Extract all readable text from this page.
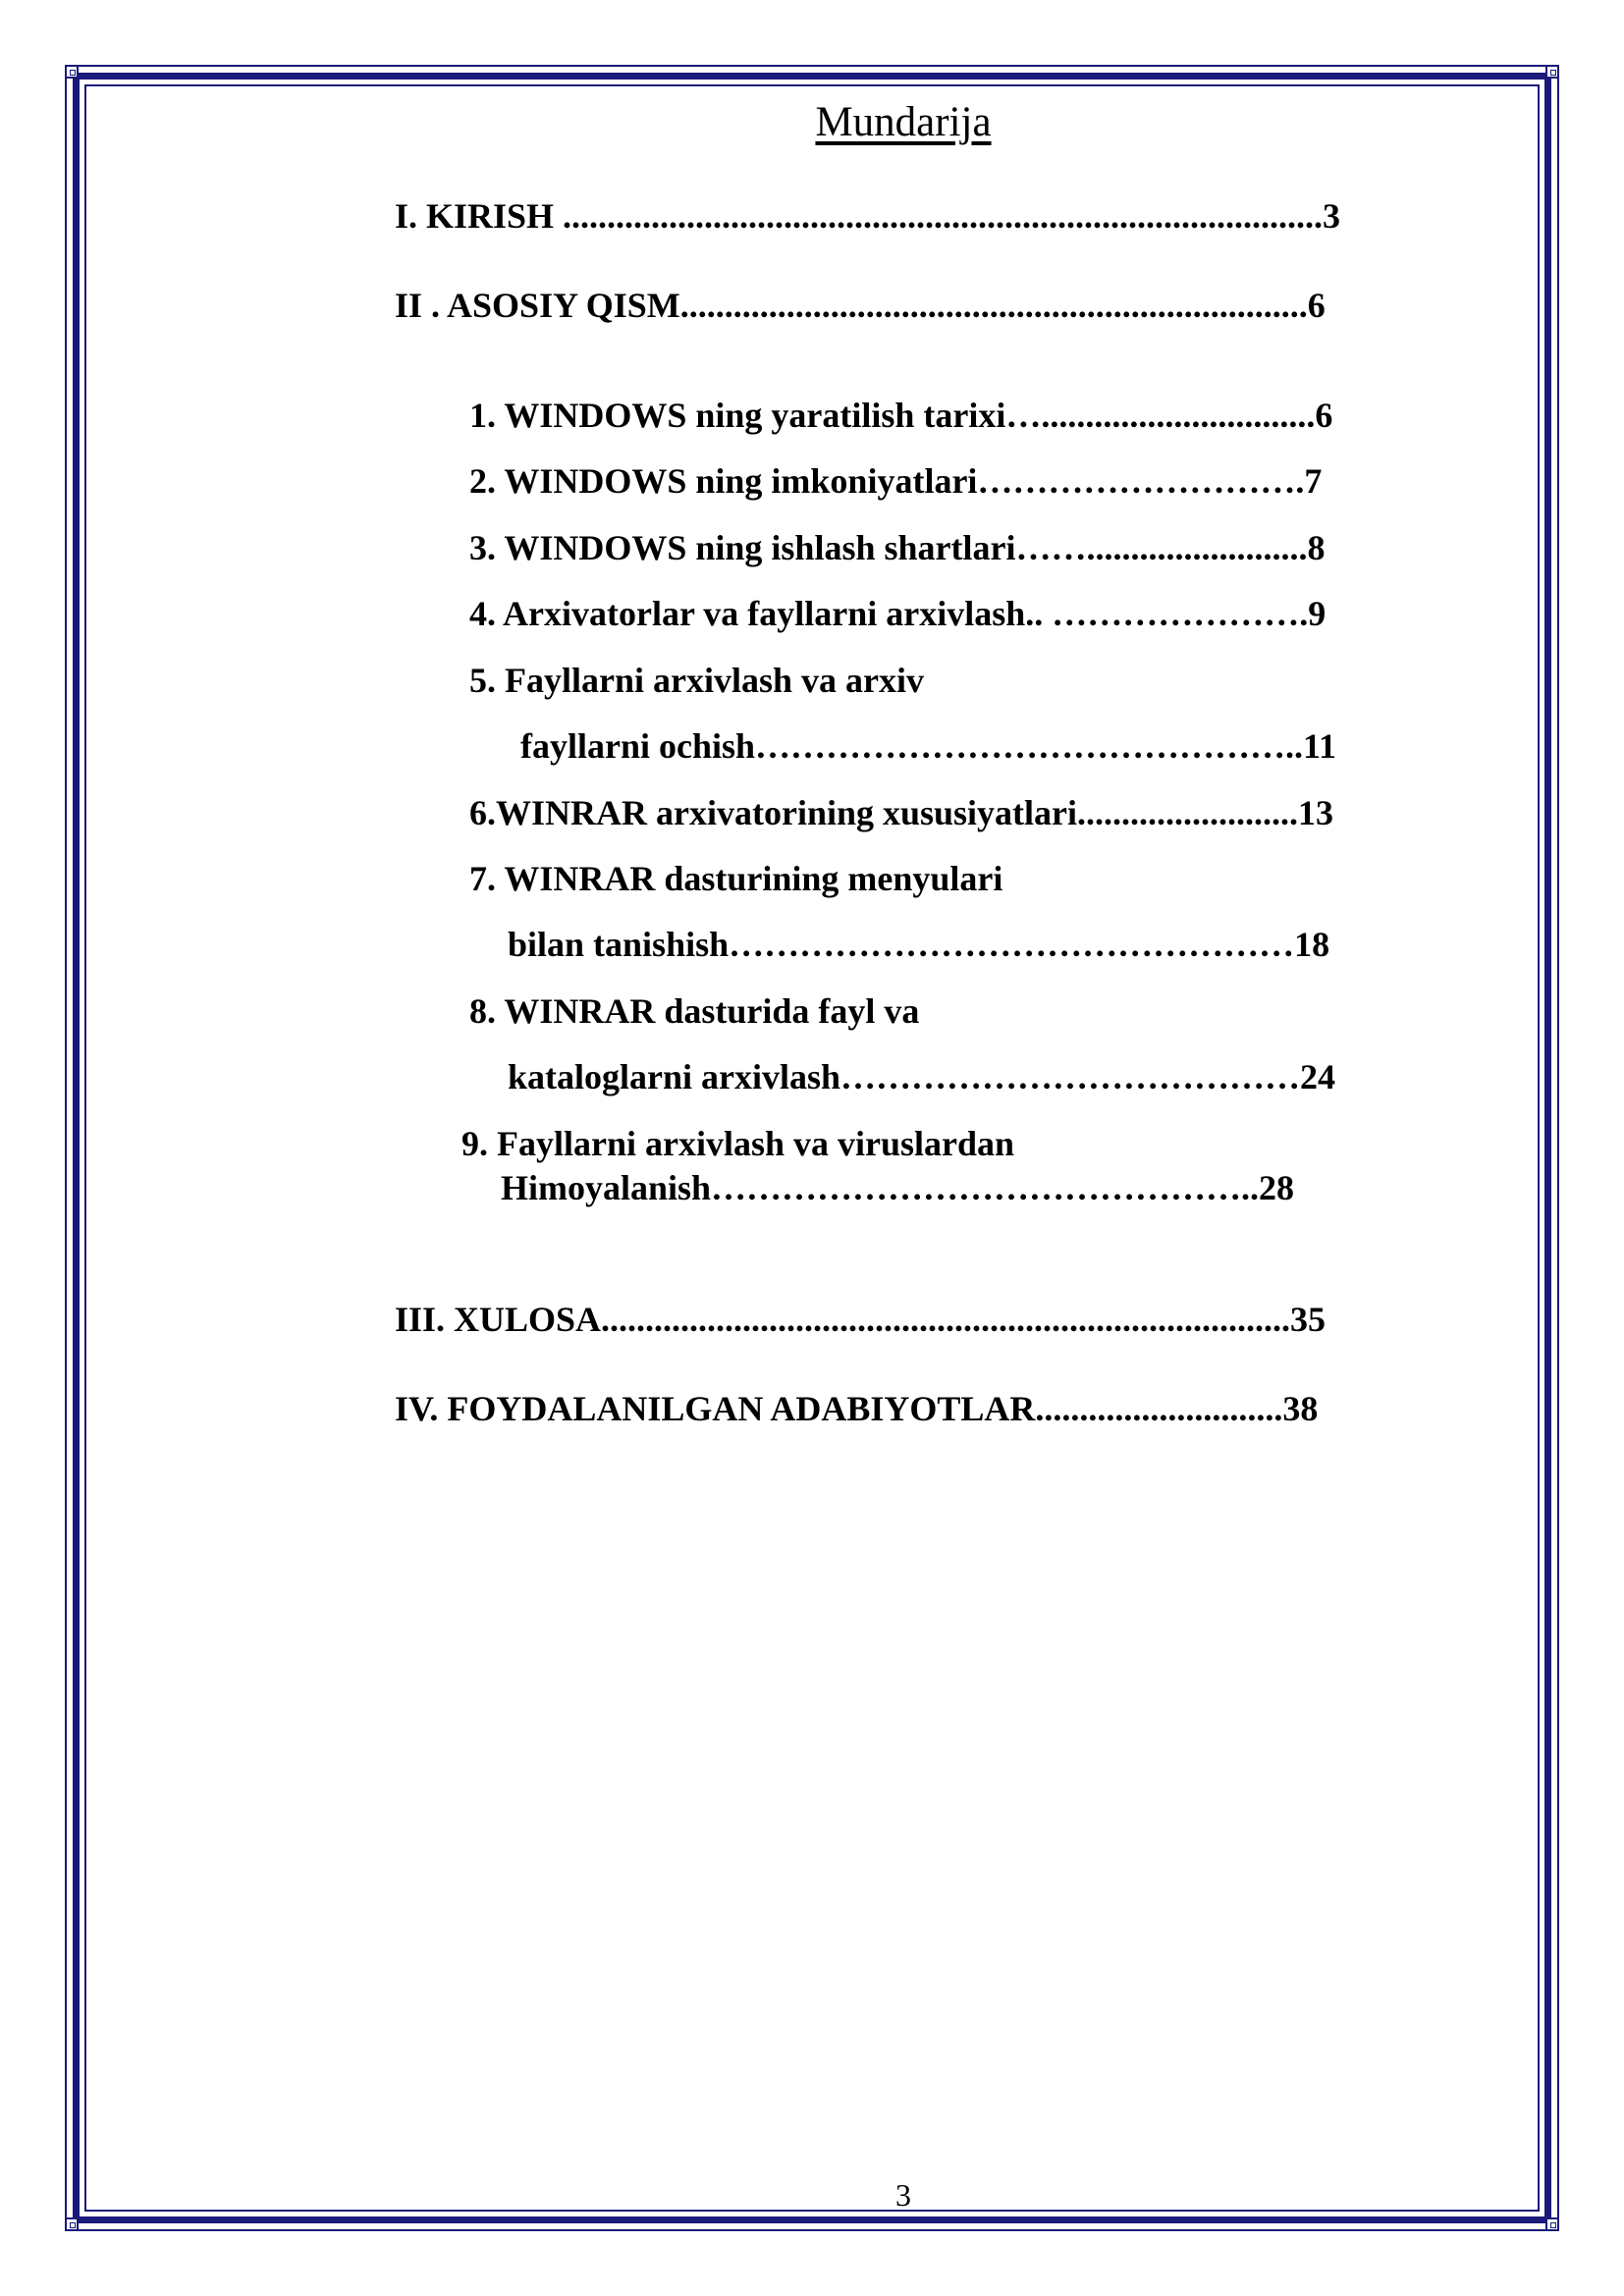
Mundarija
I. KIRISH ......................................................................................3
II . ASOSIY QISM.......................................................................6
1. WINDOWS ning yaratilish tarixi…...............................6
2. WINDOWS ning imkoniyatlari……………………….7
3. WINDOWS ning ishlash shartlari…….........................8
4. Arxivatorlar va fayllarni arxivlash.. ………………….9
5. Fayllarni arxivlash va arxiv
fayllarni ochish………………………………………..11
6.WINRAR arxivatorining xususiyatlari.........................13
7. WINRAR dasturining menyulari
bilan tanishish…………………………………………18
8. WINRAR dasturida fayl va
kataloglarni arxivlash…………………………………24
9. Fayllarni arxivlash va viruslardan
Himoyalanish………………………………………..28
III. XULOSA..............................................................................35
IV. FOYDALANILGAN ADABIYOTLAR............................38
3
